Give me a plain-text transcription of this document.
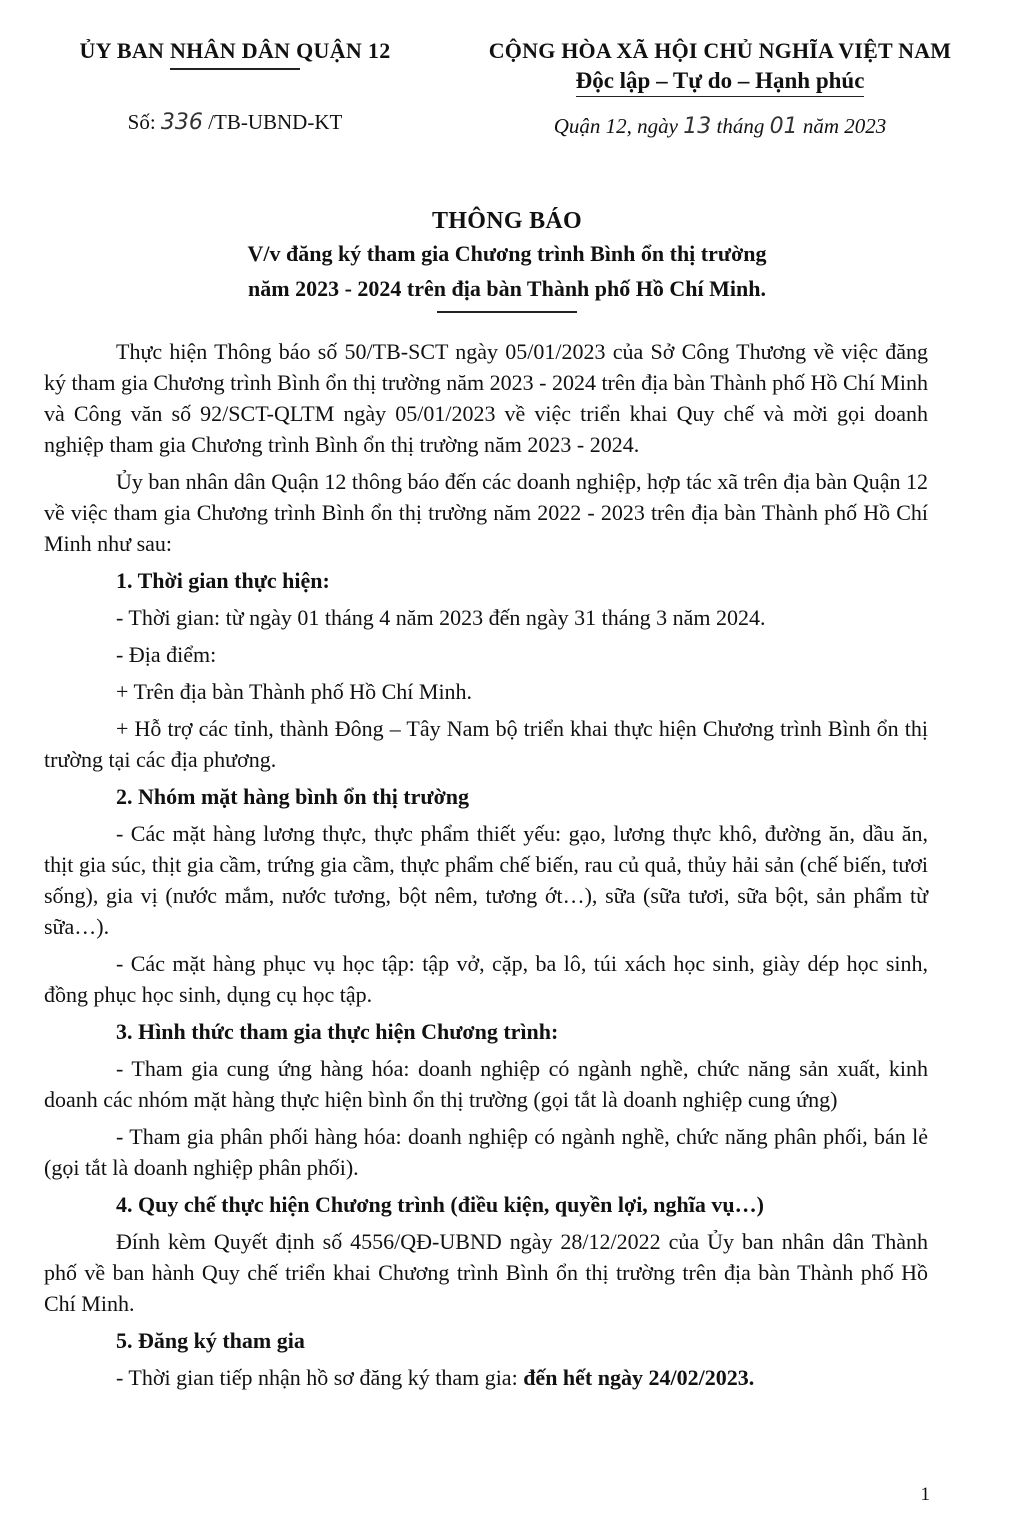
ỦY BAN NHÂN DÂN QUẬN 12	CỘNG HÒA XÃ HỘI CHỦ NGHĨA VIỆT NAM
Độc lập – Tự do – Hạnh phúc
Số: 336 /TB-UBND-KT	Quận 12, ngày 13 tháng 01 năm 2023
THÔNG BÁO
V/v đăng ký tham gia Chương trình Bình ổn thị trường
năm 2023 - 2024 trên địa bàn Thành phố Hồ Chí Minh.

Thực hiện Thông báo số 50/TB-SCT ngày 05/01/2023 của Sở Công Thương về việc đăng ký tham gia Chương trình Bình ổn thị trường năm 2023 - 2024 trên địa bàn Thành phố Hồ Chí Minh và Công văn số 92/SCT-QLTM ngày 05/01/2023 về việc triển khai Quy chế và mời gọi doanh nghiệp tham gia Chương trình Bình ổn thị trường năm 2023 - 2024.

Ủy ban nhân dân Quận 12 thông báo đến các doanh nghiệp, hợp tác xã trên địa bàn Quận 12 về việc tham gia Chương trình Bình ổn thị trường năm 2022 - 2023 trên địa bàn Thành phố Hồ Chí Minh như sau:

1. Thời gian thực hiện:

- Thời gian: từ ngày 01 tháng 4 năm 2023 đến ngày 31 tháng 3 năm 2024.

- Địa điểm:

+ Trên địa bàn Thành phố Hồ Chí Minh.

+ Hỗ trợ các tỉnh, thành Đông – Tây Nam bộ triển khai thực hiện Chương trình Bình ổn thị trường tại các địa phương.

2. Nhóm mặt hàng bình ổn thị trường

- Các mặt hàng lương thực, thực phẩm thiết yếu: gạo, lương thực khô, đường ăn, dầu ăn, thịt gia súc, thịt gia cầm, trứng gia cầm, thực phẩm chế biến, rau củ quả, thủy hải sản (chế biến, tươi sống), gia vị (nước mắm, nước tương, bột nêm, tương ớt…), sữa (sữa tươi, sữa bột, sản phẩm từ sữa…).

- Các mặt hàng phục vụ học tập: tập vở, cặp, ba lô, túi xách học sinh, giày dép học sinh, đồng phục học sinh, dụng cụ học tập.

3. Hình thức tham gia thực hiện Chương trình:

- Tham gia cung ứng hàng hóa: doanh nghiệp có ngành nghề, chức năng sản xuất, kinh doanh các nhóm mặt hàng thực hiện bình ổn thị trường (gọi tắt là doanh nghiệp cung ứng)

- Tham gia phân phối hàng hóa: doanh nghiệp có ngành nghề, chức năng phân phối, bán lẻ (gọi tắt là doanh nghiệp phân phối).

4. Quy chế thực hiện Chương trình (điều kiện, quyền lợi, nghĩa vụ…)

Đính kèm Quyết định số 4556/QĐ-UBND ngày 28/12/2022 của Ủy ban nhân dân Thành phố về ban hành Quy chế triển khai Chương trình Bình ổn thị trường trên địa bàn Thành phố Hồ Chí Minh.

5. Đăng ký tham gia

- Thời gian tiếp nhận hồ sơ đăng ký tham gia: đến hết ngày 24/02/2023.

1
